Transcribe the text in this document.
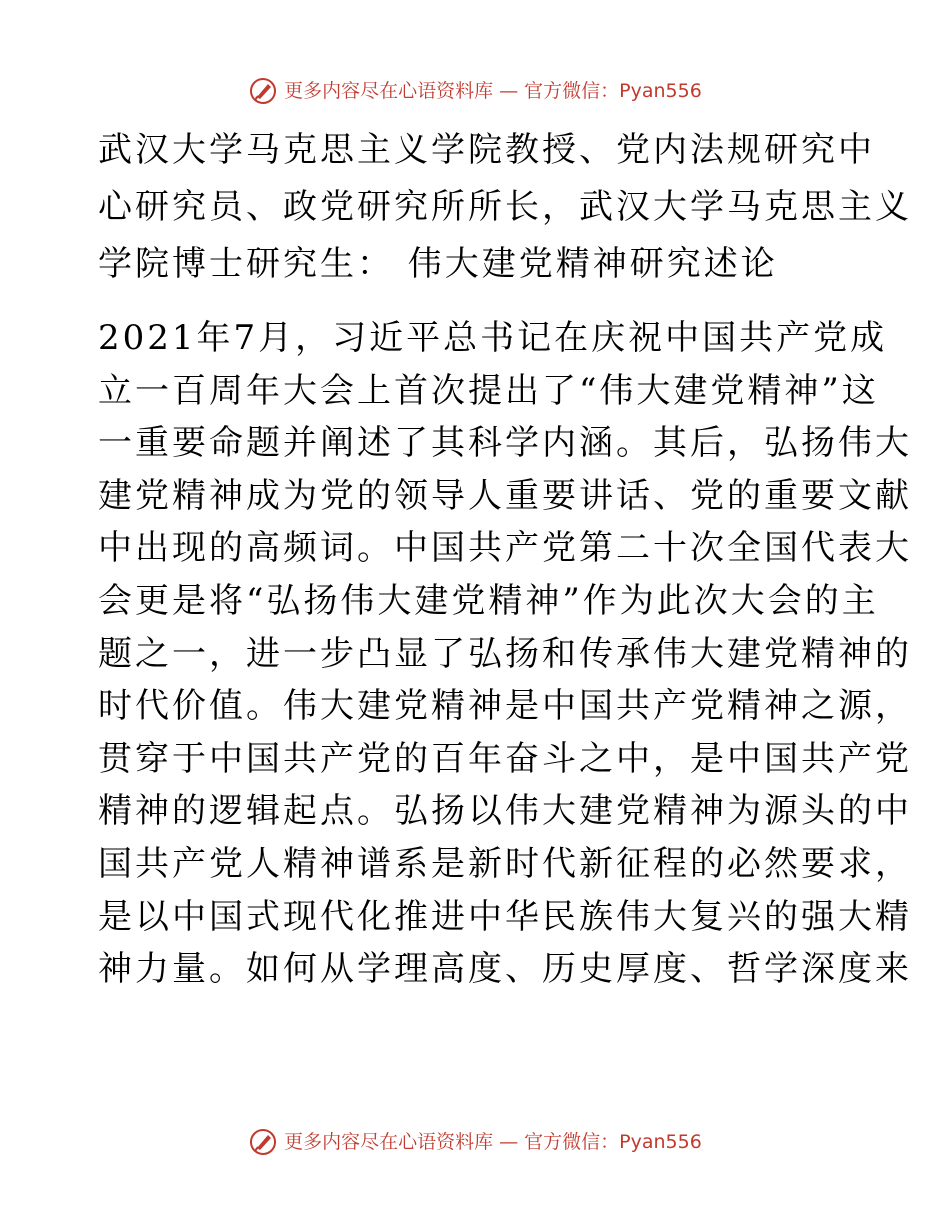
更多内容尽在心语资料库 — 官方微信：Pyan556
武汉大学马克思主义学院教授、党内法规研究中
心研究员、政党研究所所长，武汉大学马克思主义
学院博士研究生： 伟大建党精神研究述论
2021年7月，习近平总书记在庆祝中国共产党成
立一百周年大会上首次提出了“伟大建党精神”这
一重要命题并阐述了其科学内涵。其后，弘扬伟大
建党精神成为党的领导人重要讲话、党的重要文献
中出现的高频词。中国共产党第二十次全国代表大
会更是将“弘扬伟大建党精神”作为此次大会的主
题之一，进一步凸显了弘扬和传承伟大建党精神的
时代价值。伟大建党精神是中国共产党精神之源，
贯穿于中国共产党的百年奋斗之中，是中国共产党
精神的逻辑起点。弘扬以伟大建党精神为源头的中
国共产党人精神谱系是新时代新征程的必然要求，
是以中国式现代化推进中华民族伟大复兴的强大精
神力量。如何从学理高度、历史厚度、哲学深度来
更多内容尽在心语资料库 — 官方微信：Pyan556
